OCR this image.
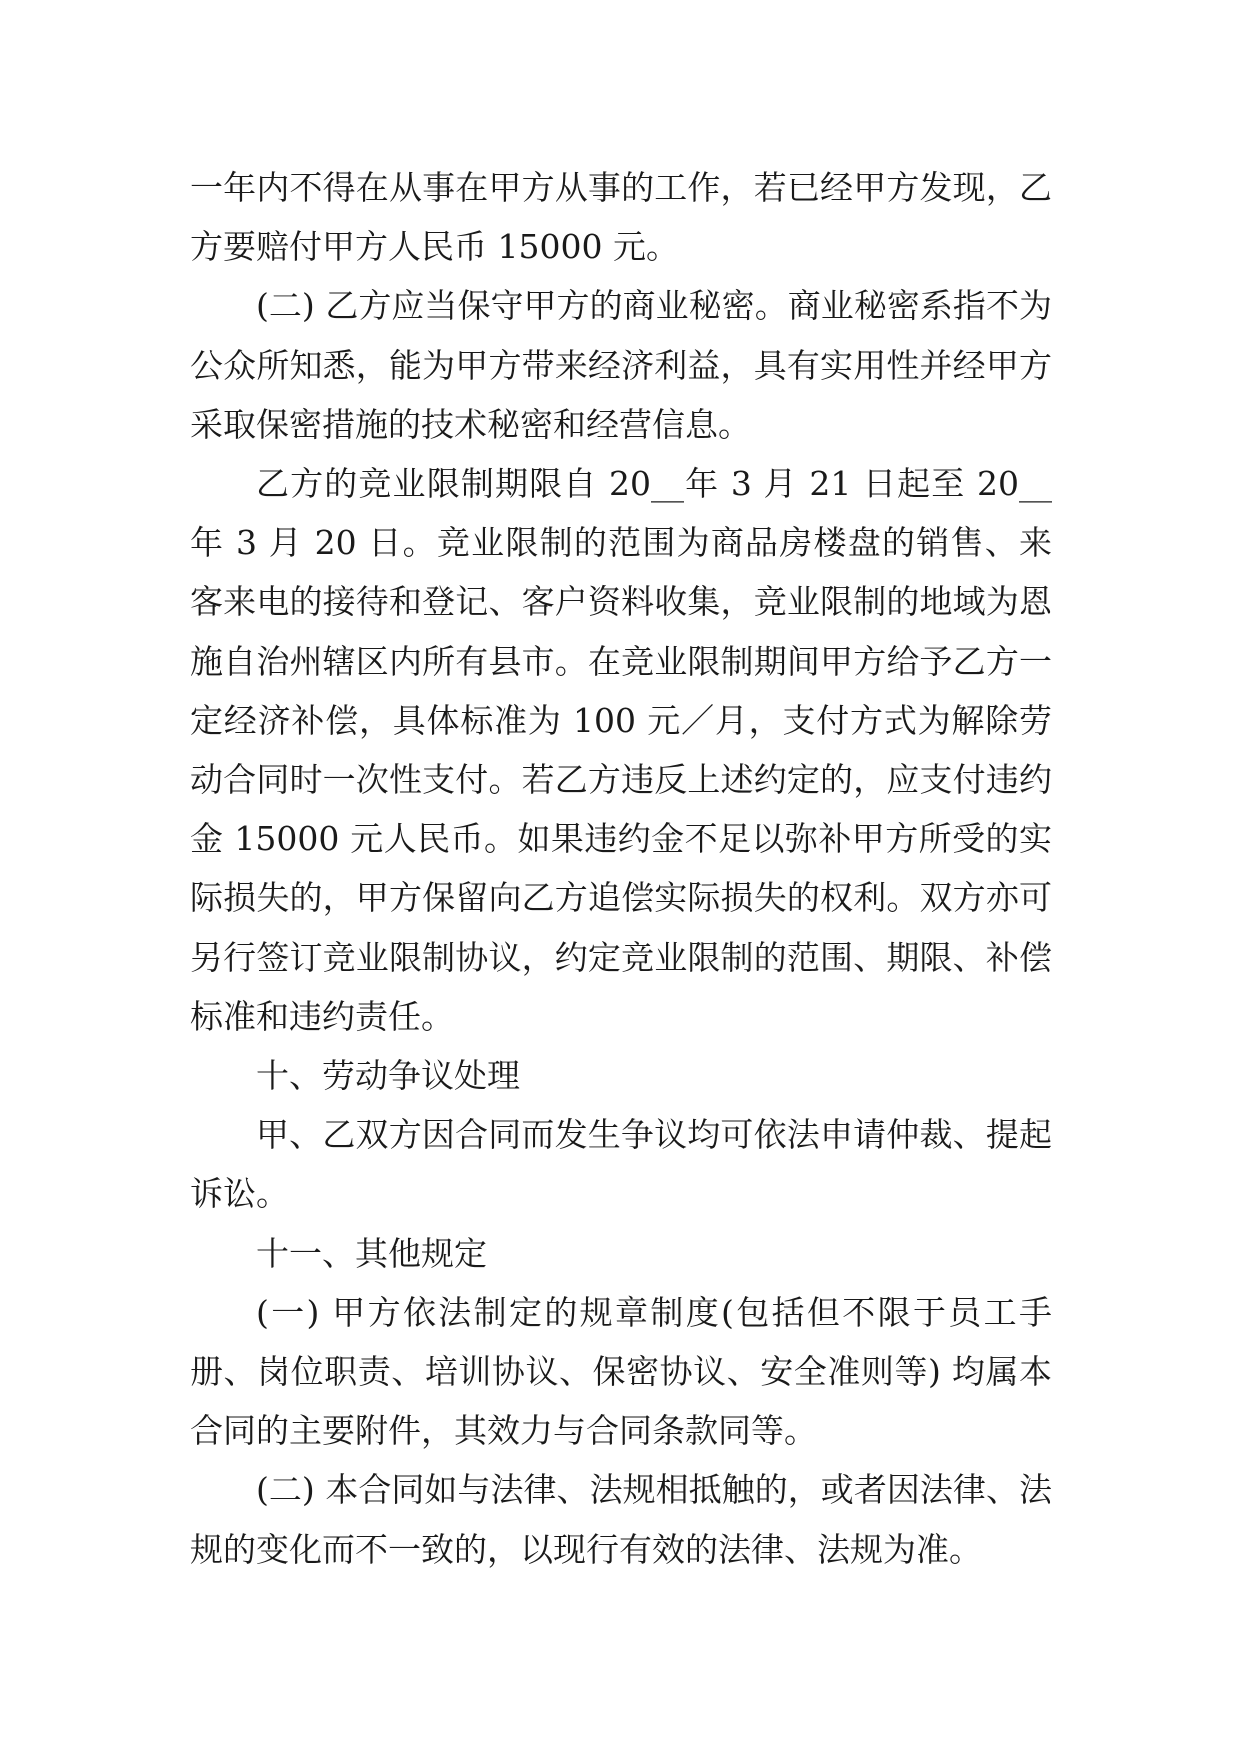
一年内不得在从事在甲方从事的工作，若已经甲方发现，乙方要赔付甲方人民币 15000 元。

(二) 乙方应当保守甲方的商业秘密。商业秘密系指不为公众所知悉，能为甲方带来经济利益，具有实用性并经甲方采取保密措施的技术秘密和经营信息。

乙方的竞业限制期限自 20__年 3 月 21 日起至 20__年 3 月 20 日。竞业限制的范围为商品房楼盘的销售、来客来电的接待和登记、客户资料收集，竞业限制的地域为恩施自治州辖区内所有县市。在竞业限制期间甲方给予乙方一定经济补偿，具体标准为 100 元／月，支付方式为解除劳动合同时一次性支付。若乙方违反上述约定的，应支付违约金 15000 元人民币。如果违约金不足以弥补甲方所受的实际损失的，甲方保留向乙方追偿实际损失的权利。双方亦可另行签订竞业限制协议，约定竞业限制的范围、期限、补偿标准和违约责任。

十、劳动争议处理

甲、乙双方因合同而发生争议均可依法申请仲裁、提起诉讼。

十一、其他规定

(一) 甲方依法制定的规章制度(包括但不限于员工手册、岗位职责、培训协议、保密协议、安全准则等) 均属本合同的主要附件，其效力与合同条款同等。

(二) 本合同如与法律、法规相抵触的，或者因法律、法规的变化而不一致的，以现行有效的法律、法规为准。
